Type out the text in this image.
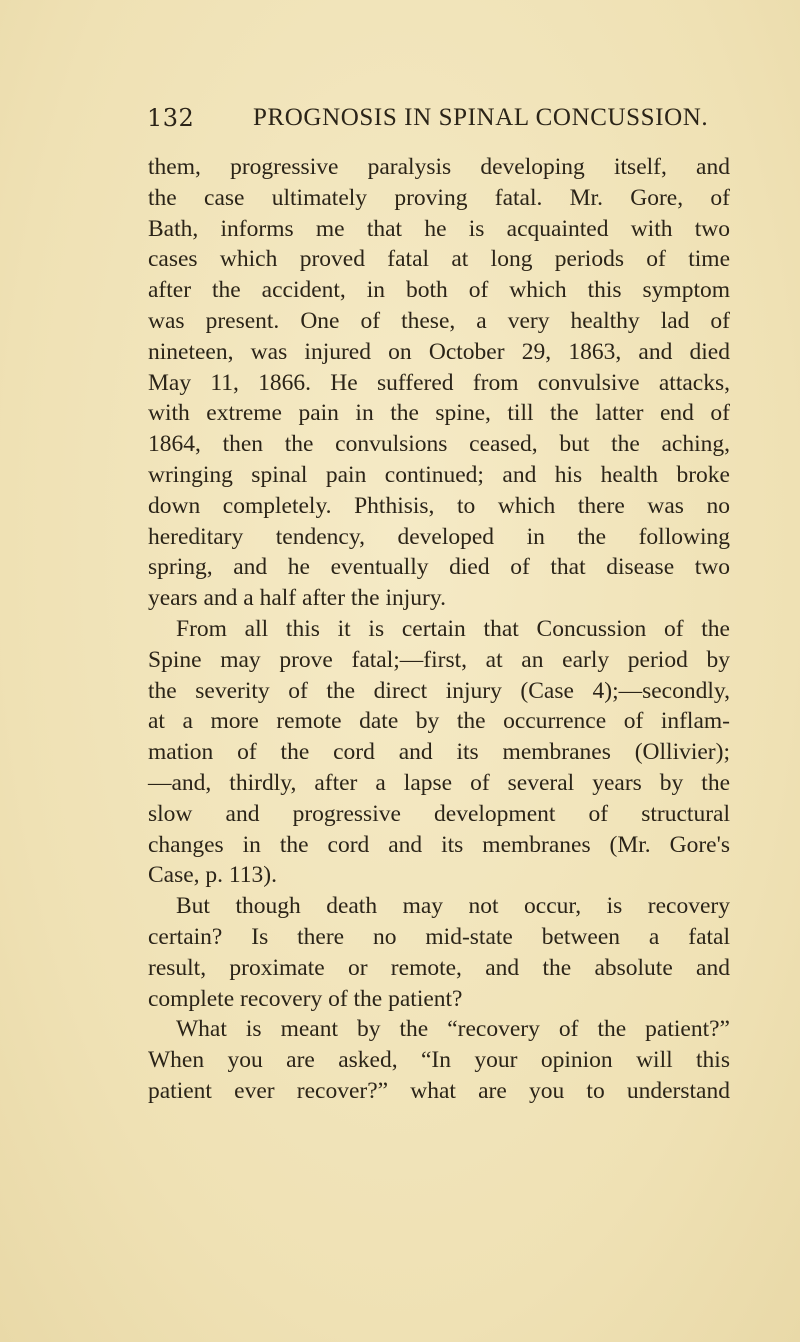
132 PROGNOSIS IN SPINAL CONCUSSION.
them, progressive paralysis developing itself, and
the case ultimately proving fatal. Mr. Gore, of
Bath, informs me that he is acquainted with two
cases which proved fatal at long periods of time
after the accident, in both of which this symptom
was present. One of these, a very healthy lad of
nineteen, was injured on October 29, 1863, and died
May 11, 1866. He suffered from convulsive attacks,
with extreme pain in the spine, till the latter end of
1864, then the convulsions ceased, but the aching,
wringing spinal pain continued; and his health broke
down completely. Phthisis, to which there was no
hereditary tendency, developed in the following
spring, and he eventually died of that disease two
years and a half after the injury.
From all this it is certain that Concussion of the
Spine may prove fatal;—first, at an early period by
the severity of the direct injury (Case 4);—secondly,
at a more remote date by the occurrence of inflam-
mation of the cord and its membranes (Ollivier);
—and, thirdly, after a lapse of several years by the
slow and progressive development of structural
changes in the cord and its membranes (Mr. Gore's
Case, p. 113).
But though death may not occur, is recovery
certain? Is there no mid-state between a fatal
result, proximate or remote, and the absolute and
complete recovery of the patient?
What is meant by the “recovery of the patient?”
When you are asked, “In your opinion will this
patient ever recover?” what are you to understand
